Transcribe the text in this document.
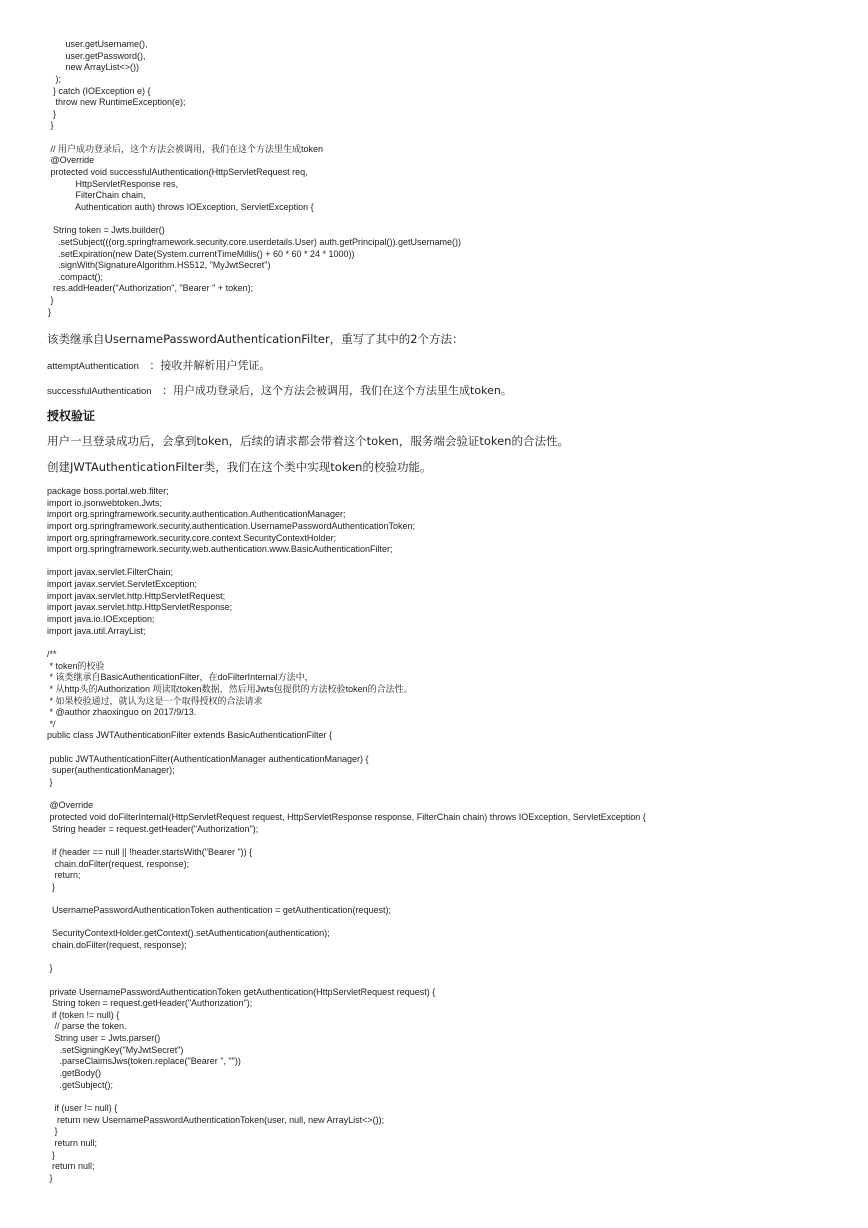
user.getUsername(),
user.getPassword(),
new ArrayList<>())
);
} catch (IOException e) {
throw new RuntimeException(e);
}
}

// 用户成功登录后，这个方法会被调用，我们在这个方法里生成token
@Override
protected void successfulAuthentication(HttpServletRequest req,
HttpServletResponse res,
FilterChain chain,
Authentication auth) throws IOException, ServletException {

String token = Jwts.builder()
.setSubject(((org.springframework.security.core.userdetails.User) auth.getPrincipal()).getUsername())
.setExpiration(new Date(System.currentTimeMillis() + 60 * 60 * 24 * 1000))
.signWith(SignatureAlgorithm.HS512, "MyJwtSecret")
.compact();
res.addHeader("Authorization", "Bearer " + token);
}
}

该类继承自UsernamePasswordAuthenticationFilter，重写了其中的2个方法：

attemptAuthentication ：接收并解析用户凭证。

successfulAuthentication ：用户成功登录后，这个方法会被调用，我们在这个方法里生成token。

授权验证

用户一旦登录成功后，会拿到token，后续的请求都会带着这个token，服务端会验证token的合法性。

创建JWTAuthenticationFilter类，我们在这个类中实现token的校验功能。

package boss.portal.web.filter;
import io.jsonwebtoken.Jwts;
import org.springframework.security.authentication.AuthenticationManager;
import org.springframework.security.authentication.UsernamePasswordAuthenticationToken;
import org.springframework.security.core.context.SecurityContextHolder;
import org.springframework.security.web.authentication.www.BasicAuthenticationFilter;

import javax.servlet.FilterChain;
import javax.servlet.ServletException;
import javax.servlet.http.HttpServletRequest;
import javax.servlet.http.HttpServletResponse;
import java.io.IOException;
import java.util.ArrayList;

/**
* token的校验
* 该类继承自BasicAuthenticationFilter，在doFilterInternal方法中，
* 从http头的Authorization 项读取token数据，然后用Jwts包提供的方法校验token的合法性。
* 如果校验通过，就认为这是一个取得授权的合法请求
* @author zhaoxinguo on 2017/9/13.
*/
public class JWTAuthenticationFilter extends BasicAuthenticationFilter {

public JWTAuthenticationFilter(AuthenticationManager authenticationManager) {
super(authenticationManager);
}

@Override
protected void doFilterInternal(HttpServletRequest request, HttpServletResponse response, FilterChain chain) throws IOException, ServletException {
String header = request.getHeader("Authorization");

if (header == null || !header.startsWith("Bearer ")) {
chain.doFilter(request, response);
return;
}

UsernamePasswordAuthenticationToken authentication = getAuthentication(request);

SecurityContextHolder.getContext().setAuthentication(authentication);
chain.doFilter(request, response);

}

private UsernamePasswordAuthenticationToken getAuthentication(HttpServletRequest request) {
String token = request.getHeader("Authorization");
if (token != null) {
// parse the token.
String user = Jwts.parser()
.setSigningKey("MyJwtSecret")
.parseClaimsJws(token.replace("Bearer ", ""))
.getBody()
.getSubject();

if (user != null) {
return new UsernamePasswordAuthenticationToken(user, null, new ArrayList<>());
}
return null;
}
return null;
}
